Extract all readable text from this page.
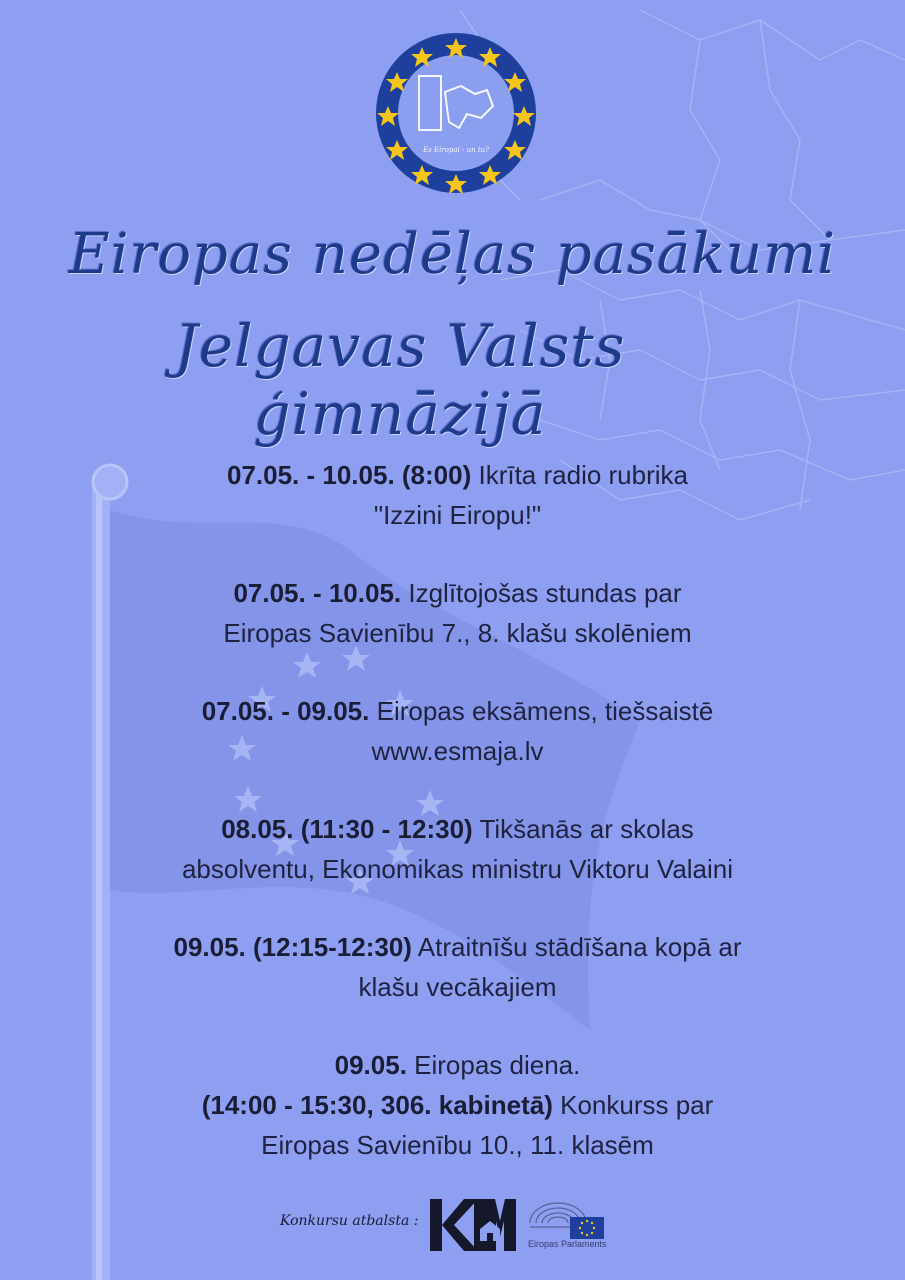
Es Eiropai - un tu?
Eiropas nedēļas pasākumi
Jelgavas Valsts ģimnāzijā
07.05. - 10.05. (8:00) Ikrīta radio rubrika
"Izzini Eiropu!"
07.05. - 10.05. Izglītojošas stundas par
Eiropas Savienību 7., 8. klašu skolēniem
07.05. - 09.05. Eiropas eksāmens, tiešsaistē
www.esmaja.lv
08.05. (11:30 - 12:30) Tikšanās ar skolas
absolventu, Ekonomikas ministru Viktoru Valaini
09.05. (12:15-12:30) Atraitnīšu stādīšana kopā ar
klašu vecākajiem
09.05. Eiropas diena.
(14:00 - 15:30, 306. kabinetā) Konkurss par
Eiropas Savienību 10., 11. klasēm
Konkursu atbalsta :
Eiropas Parlaments
